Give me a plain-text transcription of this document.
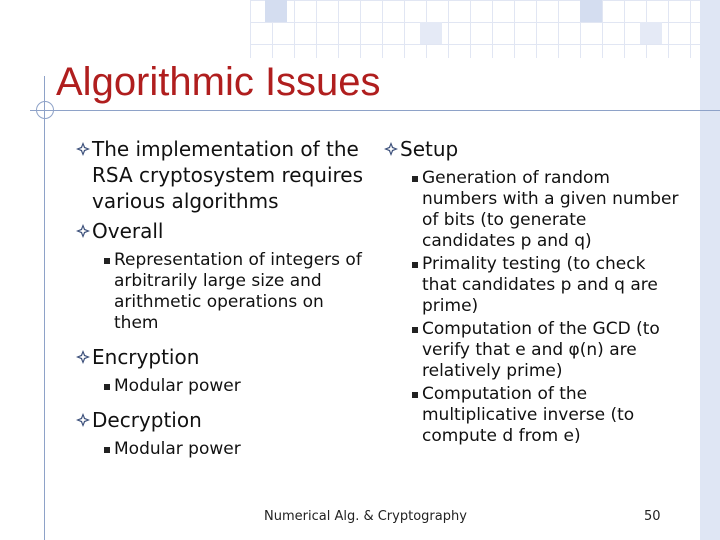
Algorithmic Issues
The implementation of the RSA cryptosystem requires various algorithms
Overall
Representation of integers of arbitrarily large size and arithmetic operations on them
Encryption
Modular power
Decryption
Modular power
Setup
Generation of random numbers with a given number of bits (to generate candidates p and q)
Primality testing (to check that candidates p and q are prime)
Computation of the GCD (to verify that e and φ(n) are relatively prime)
Computation of the multiplicative inverse (to compute d from e)
Numerical Alg. & Cryptography	50
